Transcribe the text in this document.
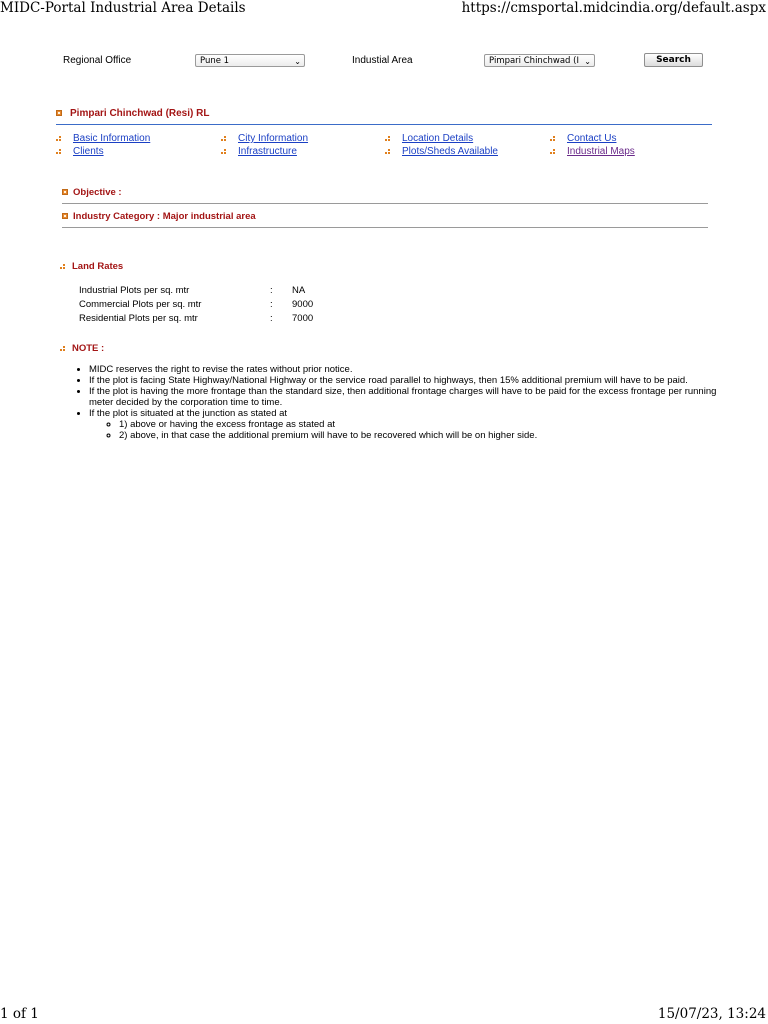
MIDC-Portal Industrial Area Details	https://cmsportal.midcindia.org/default.aspx
1 of 1	15/07/23, 13:24
Regional Office	Pune 1	⌄	Industial Area	Pimpari Chinchwad (I ⌄	Search
Pimpari Chinchwad (Resi) RL
Basic Information	City Information	Location Details	Contact Us
Clients	Infrastructure	Plots/Sheds Available	Industrial Maps
Objective :
Industry Category : Major industrial area
Land Rates
Industrial Plots per sq. mtr	: NA
Commercial Plots per sq. mtr	: 9000
Residential Plots per sq. mtr	: 7000
NOTE :
• MIDC reserves the right to revise the rates without prior notice.
• If the plot is facing State Highway/National Highway or the service road parallel to highways, then 15% additional premium will have to be paid.
• If the plot is having the more frontage than the standard size, then additional frontage charges will have to be paid for the excess frontage per running meter decided by the corporation time to time.
• If the plot is situated at the junction as stated at
◦ 1) above or having the excess frontage as stated at
◦ 2) above, in that case the additional premium will have to be recovered which will be on higher side.
